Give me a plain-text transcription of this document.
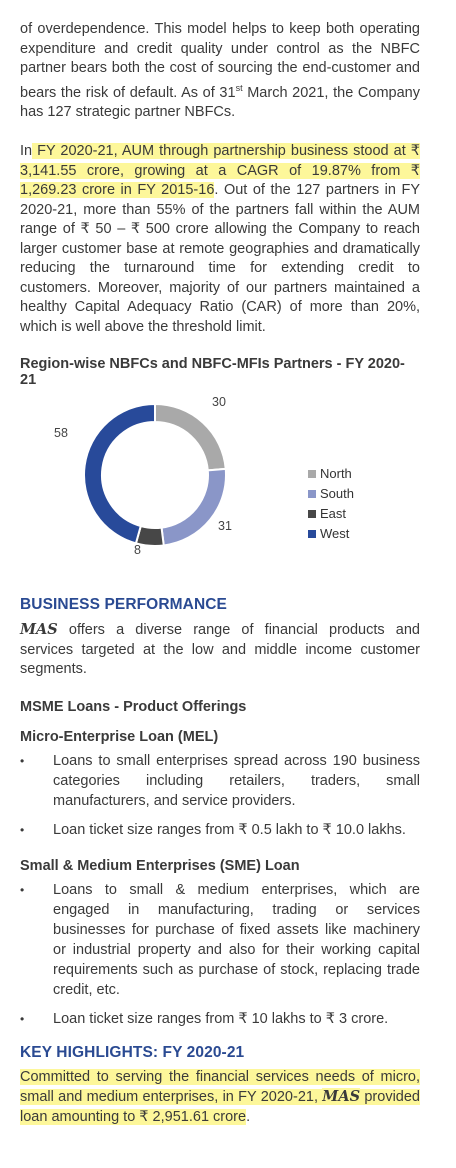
of overdependence. This model helps to keep both operating expenditure and credit quality under control as the NBFC partner bears both the cost of sourcing the end-customer and bears the risk of default. As of 31st March 2021, the Company has 127 strategic partner NBFCs.

In FY 2020-21, AUM through partnership business stood at ₹ 3,141.55 crore, growing at a CAGR of 19.87% from ₹ 1,269.23 crore in FY 2015-16. Out of the 127 partners in FY 2020-21, more than 55% of the partners fall within the AUM range of ₹ 50 – ₹ 500 crore allowing the Company to reach larger customer base at remote geographies and dramatically reducing the turnaround time for extending credit to customers. Moreover, majority of our partners maintained a healthy Capital Adequacy Ratio (CAR) of more than 20%, which is well above the threshold limit.

Region-wise NBFCs and NBFC-MFIs Partners - FY 2020-21
30
31
8
58
North
South
East
West
BUSINESS PERFORMANCE

MAS offers a diverse range of financial products and services targeted at the low and middle income customer segments.

MSME Loans - Product Offerings
Micro-Enterprise Loan (MEL)
• Loans to small enterprises spread across 190 business categories including retailers, traders, small manufacturers, and service providers.
• Loan ticket size ranges from ₹ 0.5 lakh to ₹ 10.0 lakhs.
Small & Medium Enterprises (SME) Loan
• Loans to small & medium enterprises, which are engaged in manufacturing, trading or services businesses for purchase of fixed assets like machinery or industrial property and also for their working capital requirements such as purchase of stock, replacing trade credit, etc.
• Loan ticket size ranges from ₹ 10 lakhs to ₹ 3 crore.
KEY HIGHLIGHTS: FY 2020-21

Committed to serving the financial services needs of micro, small and medium enterprises, in FY 2020-21, MAS provided loan amounting to ₹ 2,951.61 crore.
